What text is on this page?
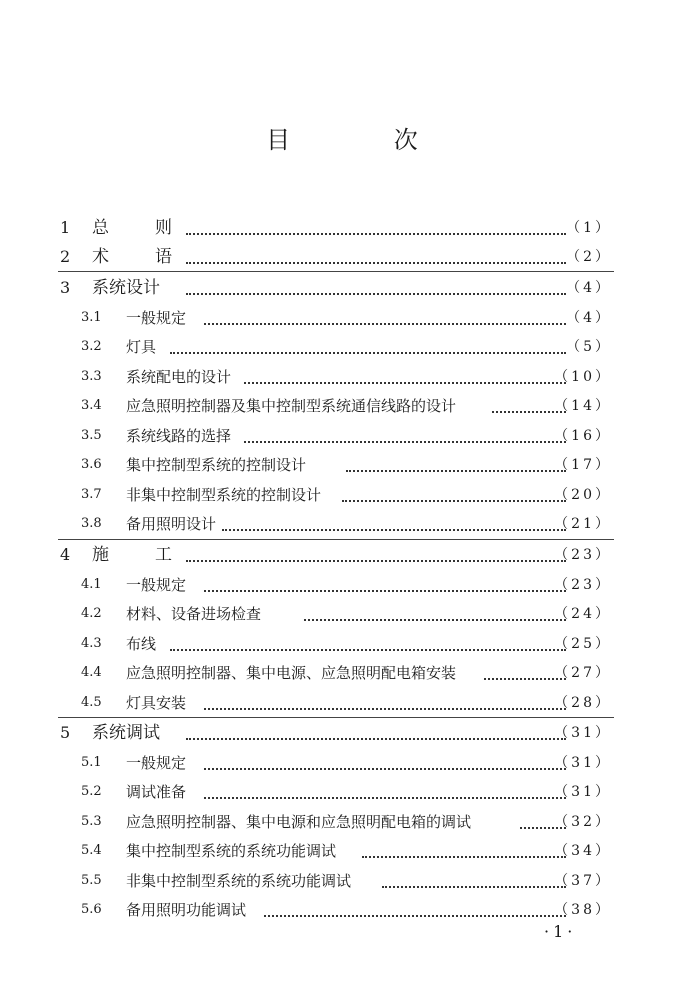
目 次
1 总则	（1）
2 术语	（2）
3 系统设计	（4）
3.1 一般规定	（4）
3.2 灯具	（5）
3.3 系统配电的设计	（10）
3.4 应急照明控制器及集中控制型系统通信线路的设计	（14）
3.5 系统线路的选择	（16）
3.6 集中控制型系统的控制设计	（17）
3.7 非集中控制型系统的控制设计	（20）
3.8 备用照明设计	（21）
4 施工	（23）
4.1 一般规定	（23）
4.2 材料、设备进场检查	（24）
4.3 布线	（25）
4.4 应急照明控制器、集中电源、应急照明配电箱安装	（27）
4.5 灯具安装	（28）
5 系统调试	（31）
5.1 一般规定	（31）
5.2 调试准备	（31）
5.3 应急照明控制器、集中电源和应急照明配电箱的调试	（32）
5.4 集中控制型系统的系统功能调试	（34）
5.5 非集中控制型系统的系统功能调试	（37）
5.6 备用照明功能调试	（38）
·1·
